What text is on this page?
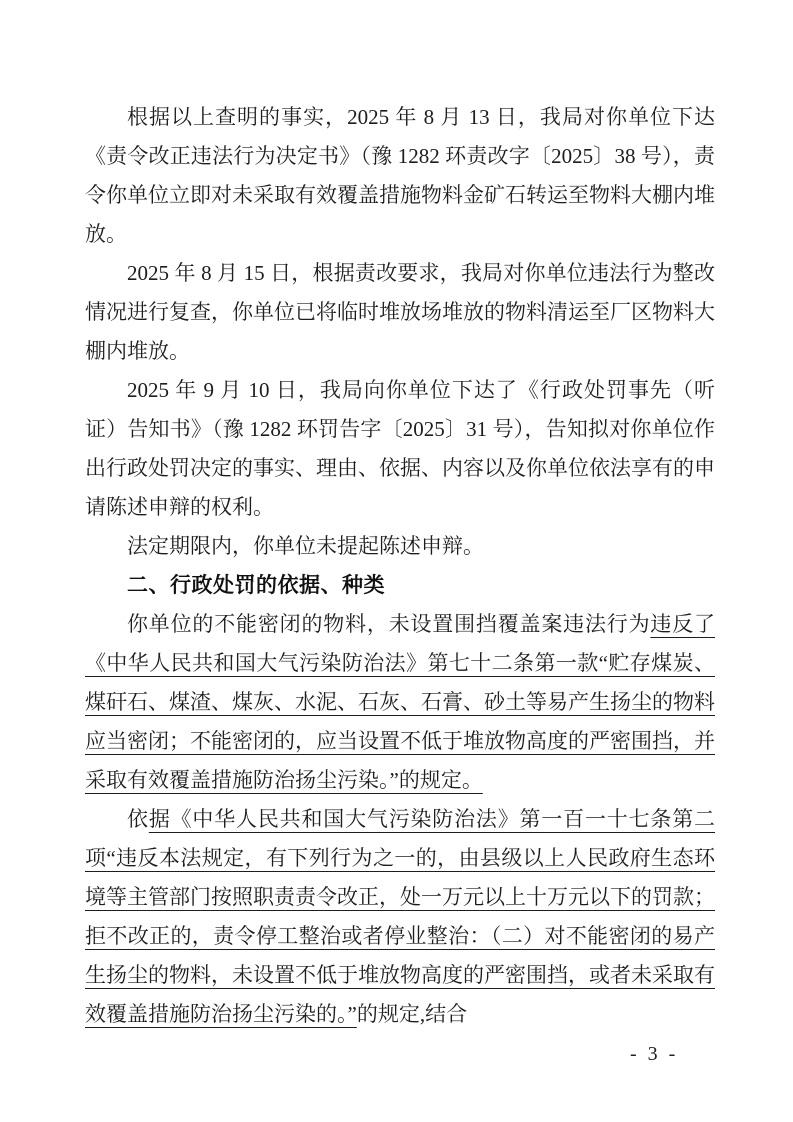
根据以上查明的事实，2025 年 8 月 13 日，我局对你单位下达《责令改正违法行为决定书》（豫 1282 环责改字〔2025〕38 号），责令你单位立即对未采取有效覆盖措施物料金矿石转运至物料大棚内堆放。

2025 年 8 月 15 日，根据责改要求，我局对你单位违法行为整改情况进行复查，你单位已将临时堆放场堆放的物料清运至厂区物料大棚内堆放。

2025 年 9 月 10 日，我局向你单位下达了《行政处罚事先（听证）告知书》（豫 1282 环罚告字〔2025〕31 号），告知拟对你单位作出行政处罚决定的事实、理由、依据、内容以及你单位依法享有的申请陈述申辩的权利。

法定期限内，你单位未提起陈述申辩。

二、行政处罚的依据、种类

你单位的不能密闭的物料，未设置围挡覆盖案违法行为违反了《中华人民共和国大气污染防治法》第七十二条第一款“贮存煤炭、煤矸石、煤渣、煤灰、水泥、石灰、石膏、砂土等易产生扬尘的物料应当密闭；不能密闭的，应当设置不低于堆放物高度的严密围挡，并采取有效覆盖措施防治扬尘污染。”的规定。

依据《中华人民共和国大气污染防治法》第一百一十七条第二项“违反本法规定，有下列行为之一的，由县级以上人民政府生态环境等主管部门按照职责责令改正，处一万元以上十万元以下的罚款；拒不改正的，责令停工整治或者停业整治：（二）对不能密闭的易产生扬尘的物料，未设置不低于堆放物高度的严密围挡，或者未采取有效覆盖措施防治扬尘污染的。”的规定,结合

- 3 -
